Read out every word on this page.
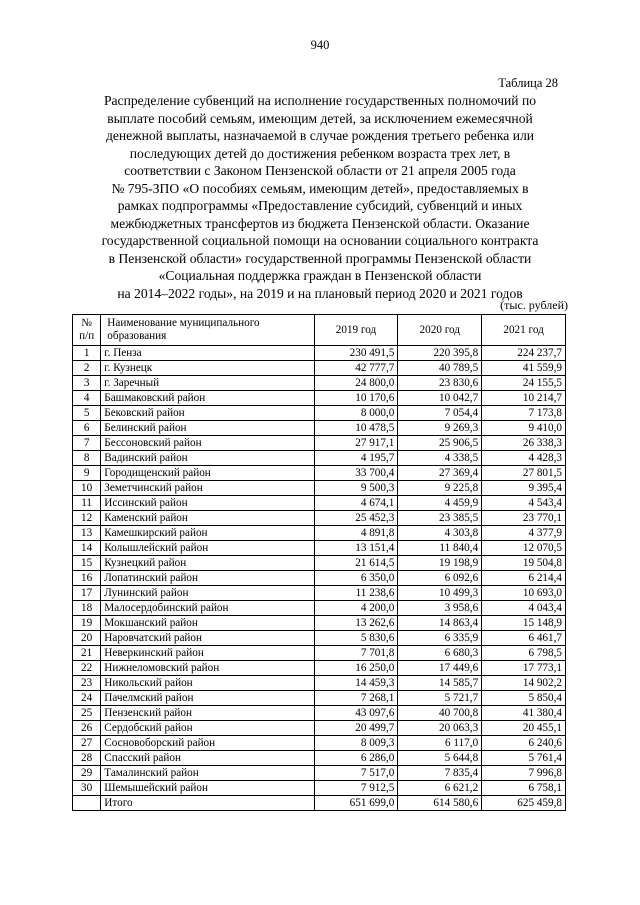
940
Таблица 28
Распределение субвенций на исполнение государственных полномочий по
выплате пособий семьям, имеющим детей, за исключением ежемесячной
денежной выплаты, назначаемой в случае рождения третьего ребенка или
последующих детей до достижения ребенком возраста трех лет, в
соответствии с Законом Пензенской области от 21 апреля 2005 года
№ 795-ЗПО «О пособиях семьям, имеющим детей», предоставляемых в
рамках подпрограммы «Предоставление субсидий, субвенций и иных
межбюджетных трансфертов из бюджета Пензенской области. Оказание
государственной социальной помощи на основании социального контракта
в Пензенской области» государственной программы Пензенской области
«Социальная поддержка граждан в Пензенской области
на 2014–2022 годы», на 2019 и на плановый период 2020 и 2021 годов
(тыс. рублей)
№ п/п	Наименование муниципального образования	2019 год	2020 год	2021 год
1	г. Пенза	230 491,5	220 395,8	224 237,7
2	г. Кузнецк	42 777,7	40 789,5	41 559,9
3	г. Заречный	24 800,0	23 830,6	24 155,5
4	Башмаковский район	10 170,6	10 042,7	10 214,7
5	Бековский район	8 000,0	7 054,4	7 173,8
6	Белинский район	10 478,5	9 269,3	9 410,0
7	Бессоновский район	27 917,1	25 906,5	26 338,3
8	Вадинский район	4 195,7	4 338,5	4 428,3
9	Городищенский район	33 700,4	27 369,4	27 801,5
10	Земетчинский район	9 500,3	9 225,8	9 395,4
11	Иссинский район	4 674,1	4 459,9	4 543,4
12	Каменский район	25 452,3	23 385,5	23 770,1
13	Камешкирский район	4 891,8	4 303,8	4 377,9
14	Колышлейский район	13 151,4	11 840,4	12 070,5
15	Кузнецкий район	21 614,5	19 198,9	19 504,8
16	Лопатинский район	6 350,0	6 092,6	6 214,4
17	Лунинский район	11 238,6	10 499,3	10 693,0
18	Малосердобинский район	4 200,0	3 958,6	4 043,4
19	Мокшанский район	13 262,6	14 863,4	15 148,9
20	Наровчатский район	5 830,6	6 335,9	6 461,7
21	Неверкинский район	7 701,8	6 680,3	6 798,5
22	Нижнеломовский район	16 250,0	17 449,6	17 773,1
23	Никольский район	14 459,3	14 585,7	14 902,2
24	Пачелмский район	7 268,1	5 721,7	5 850,4
25	Пензенский район	43 097,6	40 700,8	41 380,4
26	Сердобский район	20 499,7	20 063,3	20 455,1
27	Сосновоборский район	8 009,3	6 117,0	6 240,6
28	Спасский район	6 286,0	5 644,8	5 761,4
29	Тамалинский район	7 517,0	7 835,4	7 996,8
30	Шемышейский район	7 912,5	6 621,2	6 758,1
	Итого	651 699,0	614 580,6	625 459,8
